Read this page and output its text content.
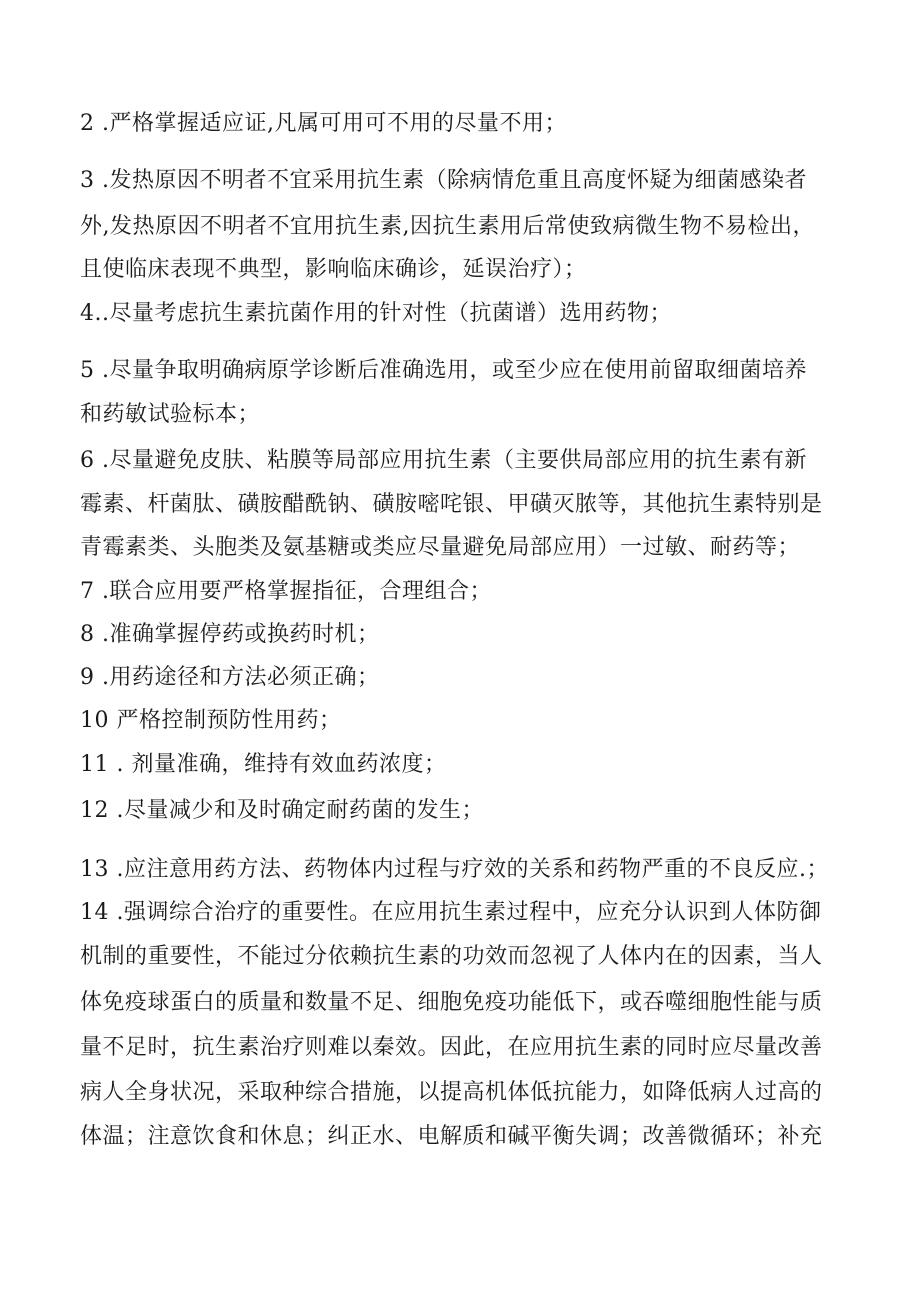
2 .严格掌握适应证,凡属可用可不用的尽量不用；

3 .发热原因不明者不宜采用抗生素（除病情危重且高度怀疑为细菌感染者

外,发热原因不明者不宜用抗生素,因抗生素用后常使致病微生物不易检出，

且使临床表现不典型，影响临床确诊，延误治疗）；

4..尽量考虑抗生素抗菌作用的针对性（抗菌谱）选用药物；

5 .尽量争取明确病原学诊断后准确选用，或至少应在使用前留取细菌培养

和药敏试验标本；

6 .尽量避免皮肤、粘膜等局部应用抗生素（主要供局部应用的抗生素有新

霉素、杆菌肽、磺胺醋酰钠、磺胺嘧咤银、甲磺灭脓等，其他抗生素特别是

青霉素类、头胞类及氨基糖或类应尽量避免局部应用）一过敏、耐药等；

7 .联合应用要严格掌握指征，合理组合；

8 .准确掌握停药或换药时机；

9 .用药途径和方法必须正确；

10 严格控制预防性用药；

11 . 剂量准确，维持有效血药浓度；

12 .尽量减少和及时确定耐药菌的发生；

13 .应注意用药方法、药物体内过程与疗效的关系和药物严重的不良反应.；

14 .强调综合治疗的重要性。在应用抗生素过程中，应充分认识到人体防御

机制的重要性，不能过分依赖抗生素的功效而忽视了人体内在的因素，当人

体免疫球蛋白的质量和数量不足、细胞免疫功能低下，或吞噬细胞性能与质

量不足时，抗生素治疗则难以秦效。因此，在应用抗生素的同时应尽量改善

病人全身状况，采取种综合措施，以提高机体低抗能力，如降低病人过高的

体温；注意饮食和休息；纠正水、电解质和碱平衡失调；改善微循环；补充
